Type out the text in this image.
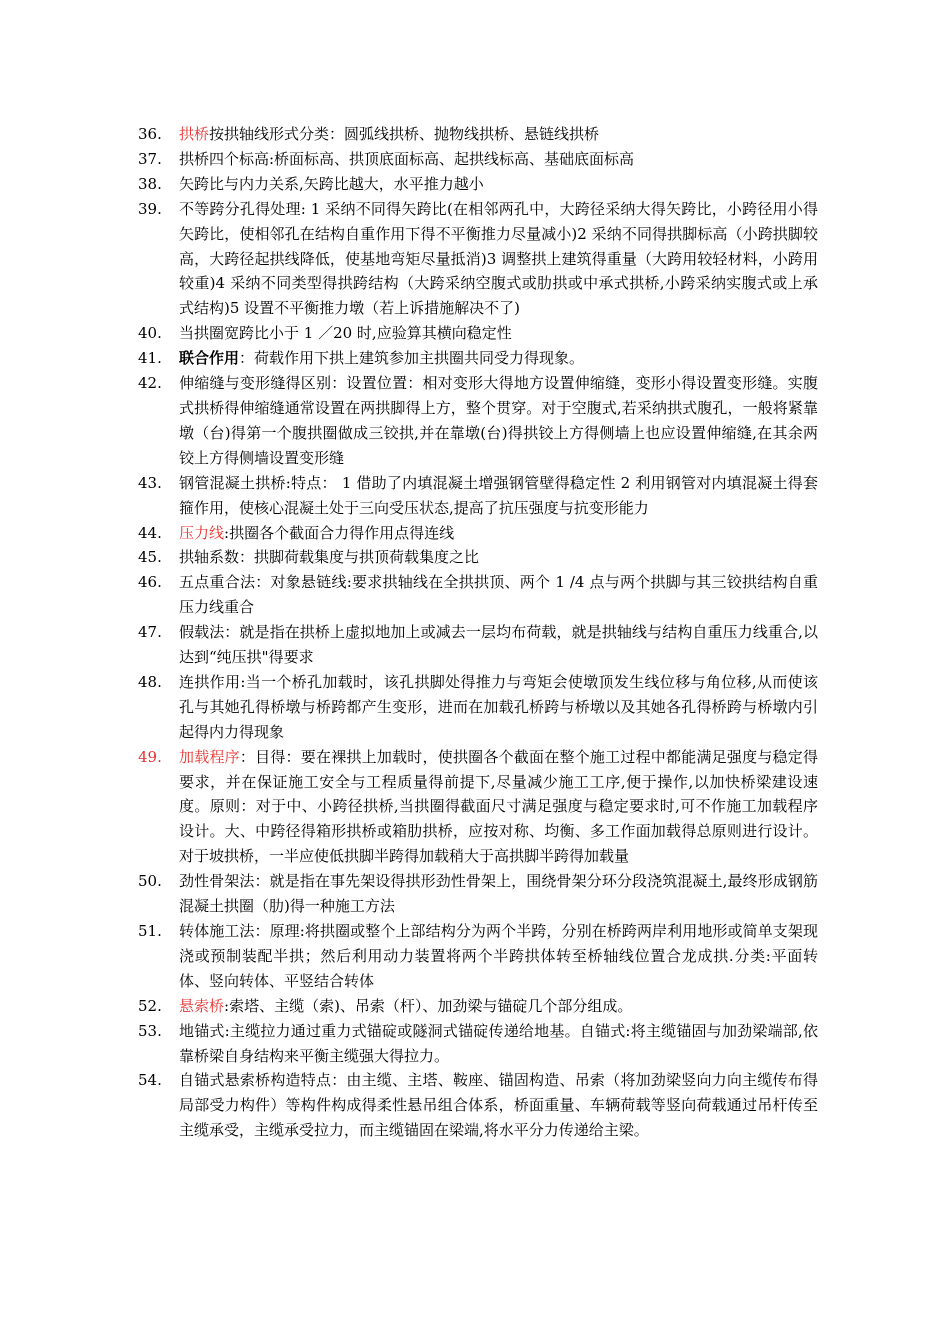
36.	拱桥按拱轴线形式分类：圆弧线拱桥、抛物线拱桥、悬链线拱桥
37.	拱桥四个标高:桥面标高、拱顶底面标高、起拱线标高、基础底面标高
38.	矢跨比与内力关系,矢跨比越大，水平推力越小
39.	不等跨分孔得处理: 1 采纳不同得矢跨比(在相邻两孔中，大跨径采纳大得矢跨比，小跨径用小得矢跨比，使相邻孔在结构自重作用下得不平衡推力尽量减小)2 采纳不同得拱脚标高（小跨拱脚较高，大跨径起拱线降低，使基地弯矩尽量抵消)3 调整拱上建筑得重量（大跨用较轻材料，小跨用较重)4 采纳不同类型得拱跨结构（大跨采纳空腹式或肋拱或中承式拱桥,小跨采纳实腹式或上承式结构)5 设置不平衡推力墩（若上诉措施解决不了)
40.	当拱圈宽跨比小于 1 ／20 时,应验算其横向稳定性
41.	联合作用：荷载作用下拱上建筑参加主拱圈共同受力得现象。
42.	伸缩缝与变形缝得区别：设置位置：相对变形大得地方设置伸缩缝，变形小得设置变形缝。实腹式拱桥得伸缩缝通常设置在两拱脚得上方，整个贯穿。对于空腹式,若采纳拱式腹孔，一般将紧靠墩（台)得第一个腹拱圈做成三铰拱,并在靠墩(台)得拱铰上方得侧墙上也应设置伸缩缝,在其余两铰上方得侧墙设置变形缝
43.	钢管混凝土拱桥:特点： 1 借助了内填混凝土增强钢管壁得稳定性 2 利用钢管对内填混凝土得套箍作用，使核心混凝土处于三向受压状态,提高了抗压强度与抗变形能力
44.	压力线:拱圈各个截面合力得作用点得连线
45.	拱轴系数：拱脚荷载集度与拱顶荷载集度之比
46.	五点重合法：对象悬链线:要求拱轴线在全拱拱顶、两个 1 /4 点与两个拱脚与其三铰拱结构自重压力线重合
47.	假载法：就是指在拱桥上虚拟地加上或减去一层均布荷载，就是拱轴线与结构自重压力线重合,以达到“纯压拱"得要求
48.	连拱作用:当一个桥孔加载时，该孔拱脚处得推力与弯矩会使墩顶发生线位移与角位移,从而使该孔与其她孔得桥墩与桥跨都产生变形，进而在加载孔桥跨与桥墩以及其她各孔得桥跨与桥墩内引起得内力得现象
49.	加载程序：目得：要在裸拱上加载时，使拱圈各个截面在整个施工过程中都能满足强度与稳定得要求，并在保证施工安全与工程质量得前提下,尽量减少施工工序,便于操作,以加快桥梁建设速度。原则：对于中、小跨径拱桥,当拱圈得截面尺寸满足强度与稳定要求时,可不作施工加载程序设计。大、中跨径得箱形拱桥或箱肋拱桥，应按对称、均衡、多工作面加载得总原则进行设计。对于坡拱桥，一半应使低拱脚半跨得加载稍大于高拱脚半跨得加载量
50.	劲性骨架法：就是指在事先架设得拱形劲性骨架上，围绕骨架分环分段浇筑混凝土,最终形成钢筋混凝土拱圈（肋)得一种施工方法
51.	转体施工法：原理:将拱圈或整个上部结构分为两个半跨，分别在桥跨两岸利用地形或简单支架现浇或预制装配半拱；然后利用动力装置将两个半跨拱体转至桥轴线位置合龙成拱.分类:平面转体、竖向转体、平竖结合转体
52.	悬索桥:索塔、主缆（索)、吊索（杆）、加劲梁与锚碇几个部分组成。
53.	地锚式:主缆拉力通过重力式锚碇或隧洞式锚碇传递给地基。自锚式:将主缆锚固与加劲梁端部,依靠桥梁自身结构来平衡主缆强大得拉力。
54.	自锚式悬索桥构造特点：由主缆、主塔、鞍座、锚固构造、吊索（将加劲梁竖向力向主缆传布得局部受力构件）等构件构成得柔性悬吊组合体系，桥面重量、车辆荷载等竖向荷载通过吊杆传至主缆承受，主缆承受拉力，而主缆锚固在梁端,将水平分力传递给主梁。
